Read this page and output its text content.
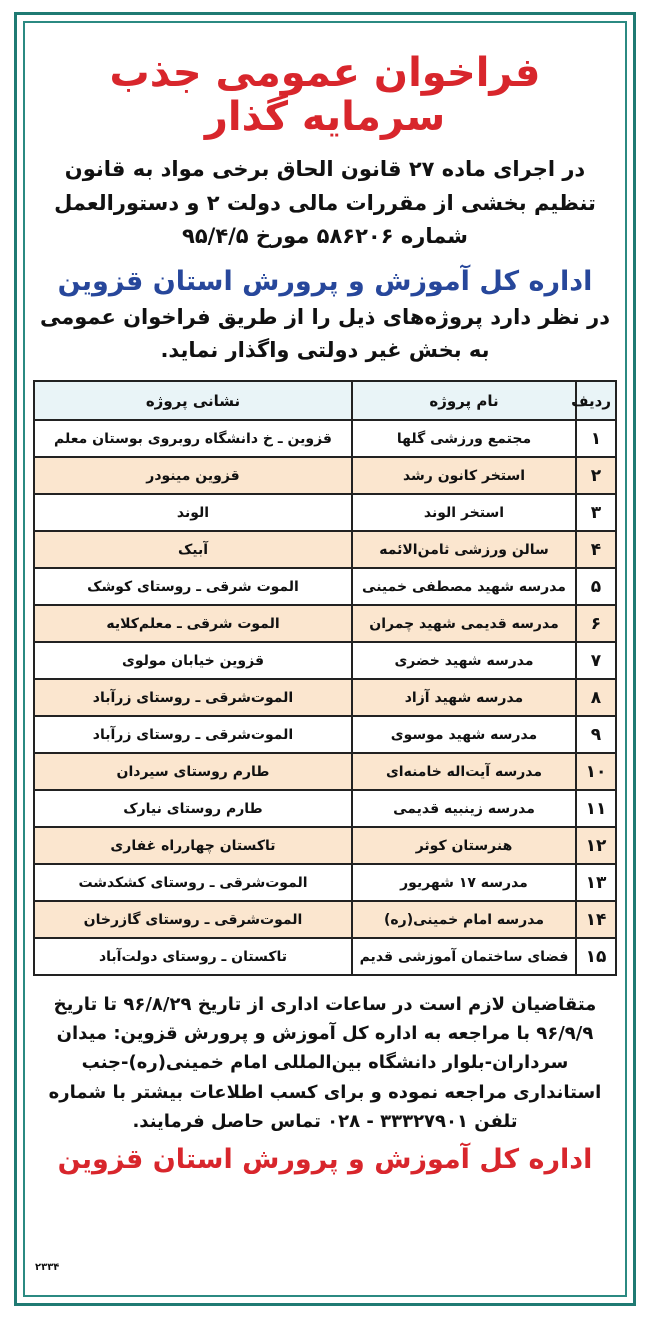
فراخوان عمومی جذب سرمایه گذار
در اجرای ماده ۲۷ قانون الحاق برخی مواد به قانون تنظیم بخشی از مقررات مالی دولت ۲ و دستورالعمل شماره ۵۸۶۲۰۶ مورخ ۹۵/۴/۵
اداره کل آموزش و پرورش استان قزوین
در نظر دارد پروژه‌های ذیل را از طریق فراخوان عمومی به بخش غیر دولتی واگذار نماید.
ردیف	نام پروژه	نشانی پروژه
۱	مجتمع ورزشی گلها	قزوین ـ خ دانشگاه روبروی بوستان معلم
۲	استخر کانون رشد	قزوین مینودر
۳	استخر الوند	الوند
۴	سالن ورزشی ثامن‌الائمه	آبیک
۵	مدرسه شهید مصطفی خمینی	الموت شرقی ـ روستای کوشک
۶	مدرسه قدیمی شهید چمران	الموت شرقی ـ معلم‌کلایه
۷	مدرسه شهید خضری	قزوین خیابان مولوی
۸	مدرسه شهید آزاد	الموت‌شرقی ـ روستای زرآباد
۹	مدرسه شهید موسوی	الموت‌شرقی ـ روستای زرآباد
۱۰	مدرسه آیت‌اله خامنه‌ای	طارم روستای سیردان
۱۱	مدرسه زینبیه قدیمی	طارم روستای نیارک
۱۲	هنرستان کوثر	تاکستان چهارراه غفاری
۱۳	مدرسه ۱۷ شهریور	الموت‌شرقی ـ روستای کشکدشت
۱۴	مدرسه امام خمینی(ره)	الموت‌شرقی ـ روستای گازرخان
۱۵	فضای ساختمان آموزشی قدیم	تاکستان ـ روستای دولت‌آباد
متقاضیان لازم است در ساعات اداری از تاریخ ۹۶/۸/۲۹ تا تاریخ ۹۶/۹/۹ با مراجعه به اداره کل آموزش و پرورش قزوین: میدان سرداران-بلوار دانشگاه بین‌المللی امام خمینی(ره)-جنب استانداری مراجعه نموده و برای کسب اطلاعات بیشتر با شماره تلفن ۳۳۳۲۷۹۰۱ - ۰۲۸ تماس حاصل فرمایند.
اداره کل آموزش و پرورش استان قزوین
۲۳۳۴
